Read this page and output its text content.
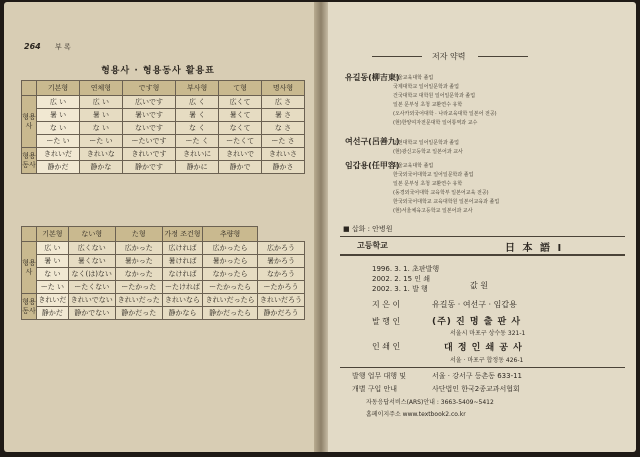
264 부 록
형용사 · 형용동사 활용표
	기본형	연체형	です형	부사형	て형	명사형
형용사	広 い	広 い	広いです	広 く	広くて	広 さ
	暑 い	暑 い	暑いです	暑 く	暑くて	暑 さ
	な い	な い	ないです	な く	なくて	な さ
	ーた い	ーた い	ーたいです	ーた く	ーたくて	ーた さ
형용동사	きれいだ	きれいな	きれいです	きれいに	きれいで	きれいさ
	静かだ	静かな	静かです	静かに	静かで	静かさ
	기본형	ない형	た형	가정 조건형	추량형	
형용사	広 い	広くない	広かった	広ければ	広かったら	広かろう
	暑 い	暑くない	暑かった	暑ければ	暑かったら	暑かろう
	な い	なく(は)ない	なかった	なければ	なかったら	なかろう
	ーた い	ーたくない	ーたかった	ーたければ	ーたかったら	ーたかろう
형용동사	きれいだ	きれいでない	きれいだった	きれいなら	きれいだったら	きれいだろう
	静かだ	静かでない	静かだった	静かなら	静かだったら	静かだろう
저자 약력
유길동(柳吉東)
서울교육대학 졸업
국제대학교 일어일문학과 졸업
건국대학교 대학원 일어일문학과 졸업
일본 문부성 초청 교환연수 유학
(오사카외국어대학 · 나라교육대학 일본어 전공)
(현)한양여자전문대학 일어통역과 교수
여선구(呂善九)
인천대학교 일어일문학과 졸업
(현)광신고등학교 일본어과 교사
임갑용(任甲容)
서울교육대학 졸업
한국외국어대학교 일어일문학과 졸업
일본 문부성 초청 교환연수 유학
(동경외국어대학 교육학부 일본어교육 전공)
한국외국어대학교 교육대학원 일본어교육과 졸업
(현)서울체육고등학교 일본어과 교사
■ 삽화 : 안병원
고등학교	日 本 語 Ⅰ
1996. 3. 1. 초판발행
2002. 2. 15 인 쇄
2002. 3. 1. 발 행	값 원
지 은 이	유길동 · 여선구 · 임갑용
발 행 인	(주) 진 명 출 판 사
서울시 마포구 상수동 321-1
인 쇄 인	대 정 인 쇄 공 사
서울 · 마포구 합정동 426-1
발행 업무 대행 및	서울 · 강서구 등촌동 633-11
개별 구입 안내	사단법인 한국2종교과서협회
자동응답서비스(ARS)안내 : 3663-5409~5412
홈페이지주소 www.textbook2.co.kr
